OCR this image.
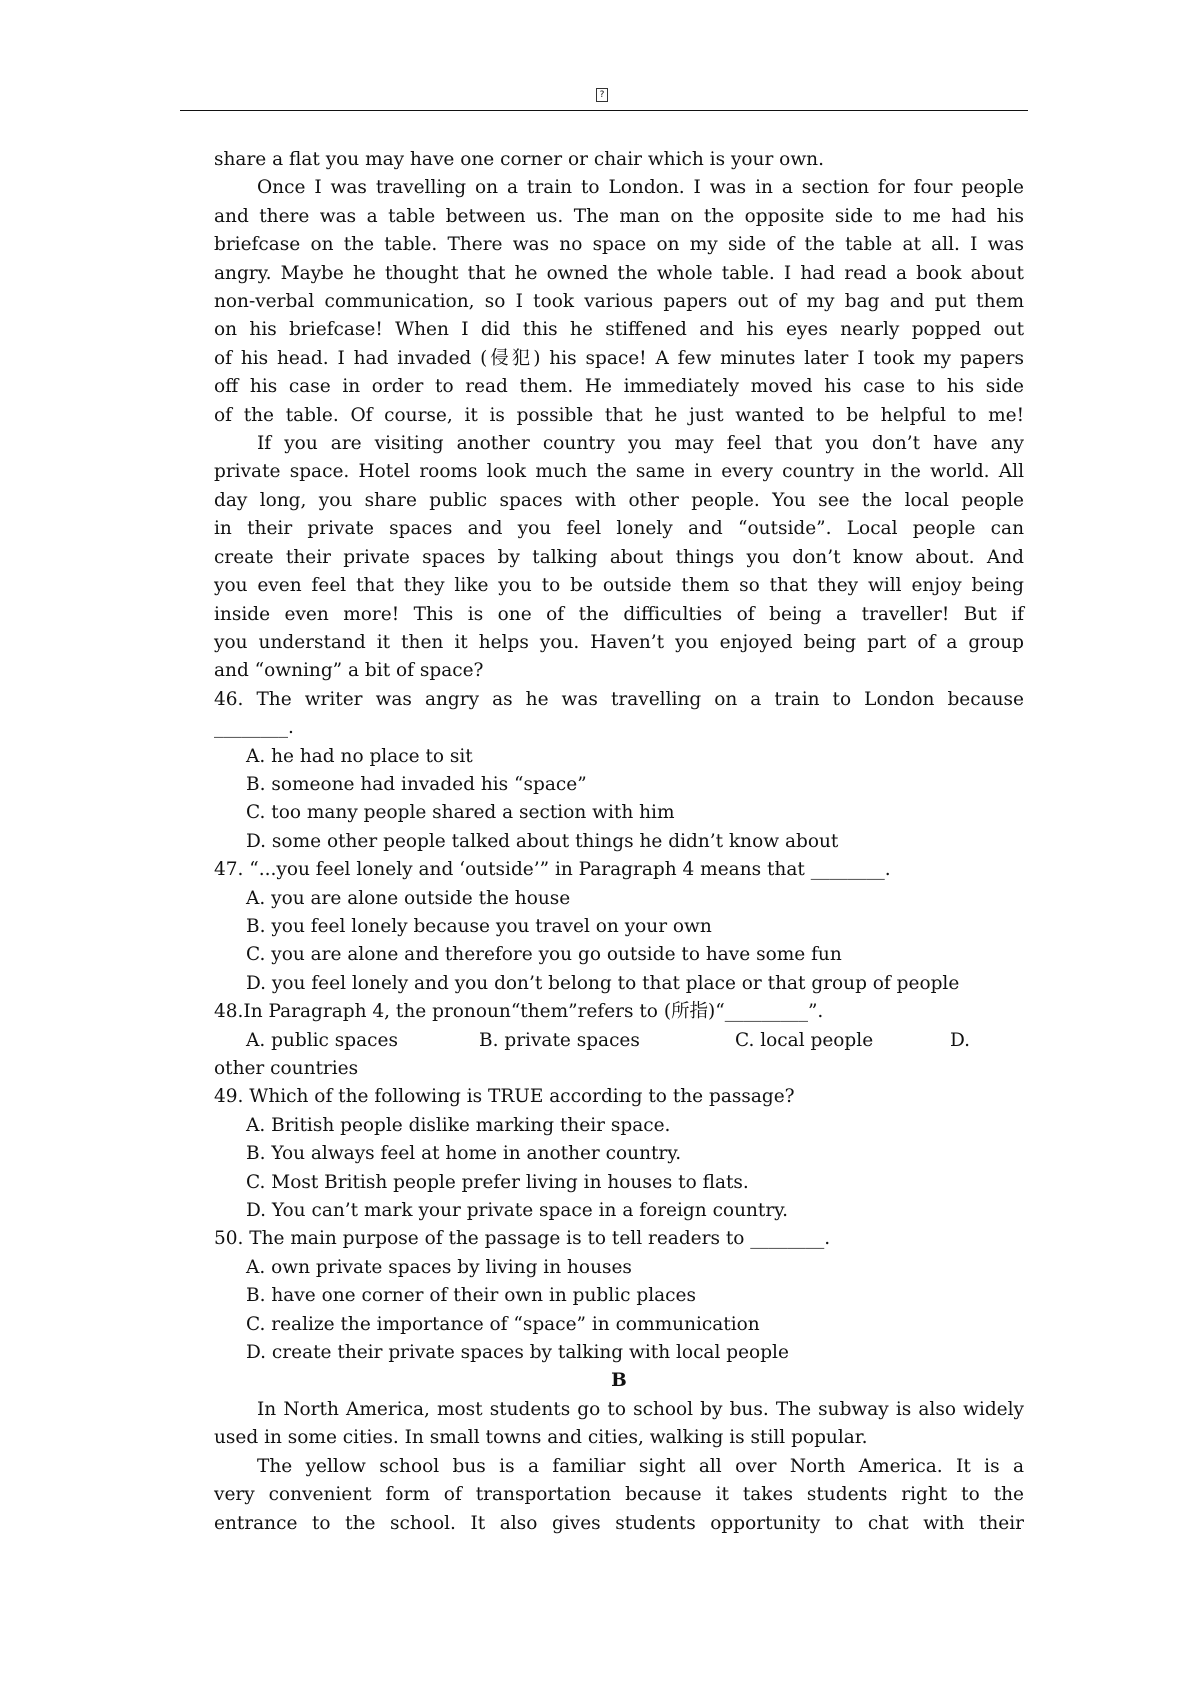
?

share a flat you may have one corner or chair which is your own.

Once I was travelling on a train to London. I was in a section for four people

and there was a table between us. The man on the opposite side to me had his

briefcase on the table. There was no space on my side of the table at all. I was

angry. Maybe he thought that he owned the whole table. I had read a book about

non-verbal communication, so I took various papers out of my bag and put them

on his briefcase! When I did this he stiffened and his eyes nearly popped out

of his head. I had invaded (侵犯) his space! A few minutes later I took my papers

off his case in order to read them. He immediately moved his case to his side

of the table. Of course, it is possible that he just wanted to be helpful to me!

If you are visiting another country you may feel that you don’t have any

private space. Hotel rooms look much the same in every country in the world. All

day long, you share public spaces with other people. You see the local people

in their private spaces and you feel lonely and “outside”. Local people can

create their private spaces by talking about things you don’t know about. And

you even feel that they like you to be outside them so that they will enjoy being

inside even more! This is one of the difficulties of being a traveller! But if

you understand it then it helps you. Haven’t you enjoyed being part of a group

and “owning” a bit of space?

46. The writer was angry as he was travelling on a train to London because

________.

A. he had no place to sit

B. someone had invaded his “space”

C. too many people shared a section with him

D. some other people talked about things he didn’t know about

47. “...you feel lonely and ‘outside’” in Paragraph 4 means that ________.

A. you are alone outside the house

B. you feel lonely because you travel on your own

C. you are alone and therefore you go outside to have some fun

D. you feel lonely and you don’t belong to that place or that group of people

48.In Paragraph 4, the pronoun“them”refers to (所指)“_________”.

A. public spaces	B. private spaces	C. local people	D.

other countries

49. Which of the following is TRUE according to the passage?

A. British people dislike marking their space.

B. You always feel at home in another country.

C. Most British people prefer living in houses to flats.

D. You can’t mark your private space in a foreign country.

50. The main purpose of the passage is to tell readers to ________.

A. own private spaces by living in houses

B. have one corner of their own in public places

C. realize the importance of “space” in communication

D. create their private spaces by talking with local people

B

In North America, most students go to school by bus. The subway is also widely

used in some cities. In small towns and cities, walking is still popular.

The yellow school bus is a familiar sight all over North America. It is a

very convenient form of transportation because it takes students right to the

entrance to the school. It also gives students opportunity to chat with their
